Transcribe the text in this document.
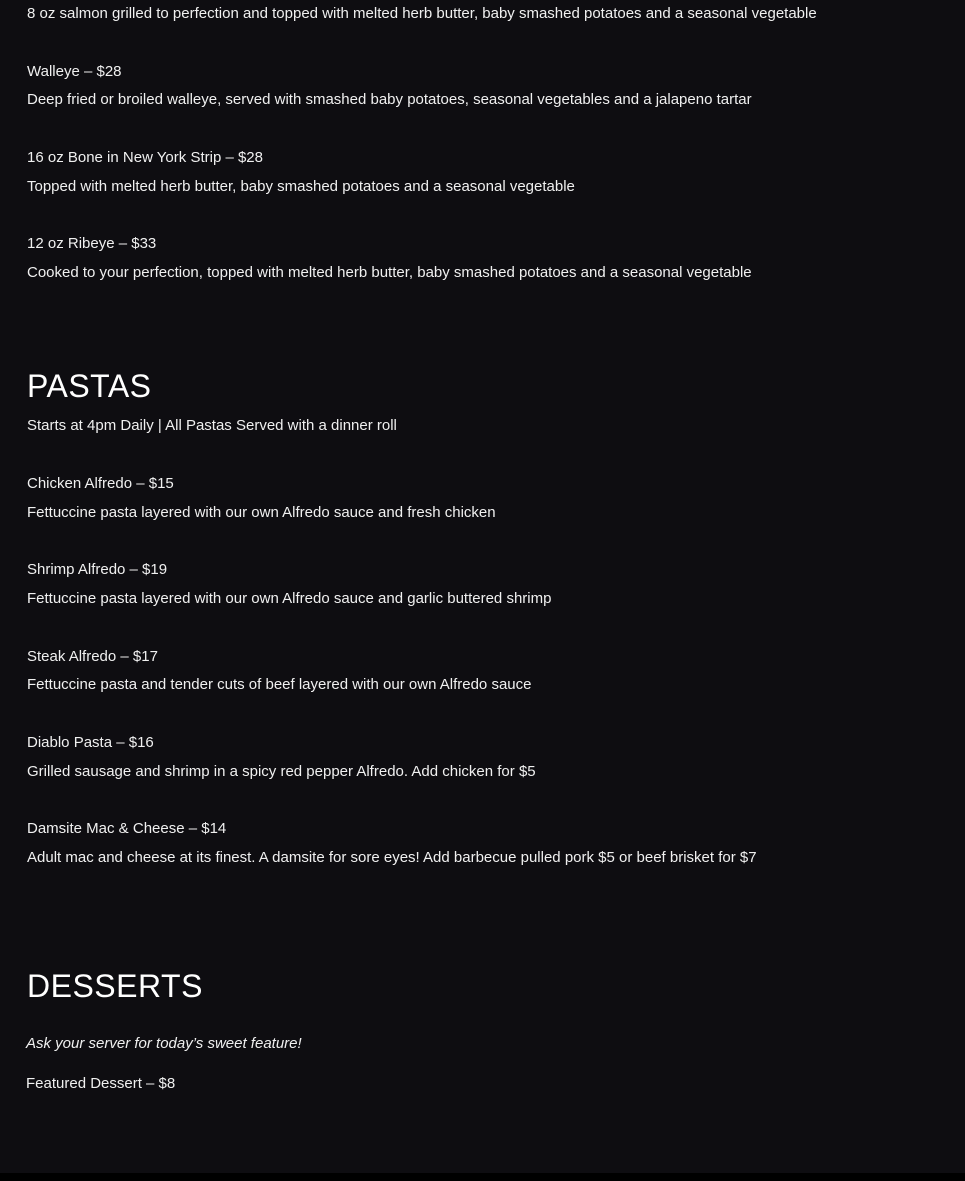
8 oz salmon grilled to perfection and topped with melted herb butter, baby smashed potatoes and a seasonal vegetable
Walleye – $28
Deep fried or broiled walleye, served with smashed baby potatoes, seasonal vegetables and a jalapeno tartar
16 oz Bone in New York Strip – $28
Topped with melted herb butter, baby smashed potatoes and a seasonal vegetable
12 oz Ribeye – $33
Cooked to your perfection, topped with melted herb butter, baby smashed potatoes and a seasonal vegetable
PASTAS
Starts at 4pm Daily | All Pastas Served with a dinner roll
Chicken Alfredo – $15
Fettuccine pasta layered with our own Alfredo sauce and fresh chicken
Shrimp Alfredo – $19
Fettuccine pasta layered with our own Alfredo sauce and garlic buttered shrimp
Steak Alfredo – $17
Fettuccine pasta and tender cuts of beef layered with our own Alfredo sauce
Diablo Pasta – $16
Grilled sausage and shrimp in a spicy red pepper Alfredo. Add chicken for $5
Damsite Mac & Cheese – $14
Adult mac and cheese at its finest. A damsite for sore eyes! Add barbecue pulled pork $5 or beef brisket for $7
DESSERTS
Ask your server for today’s sweet feature!
Featured Dessert – $8
